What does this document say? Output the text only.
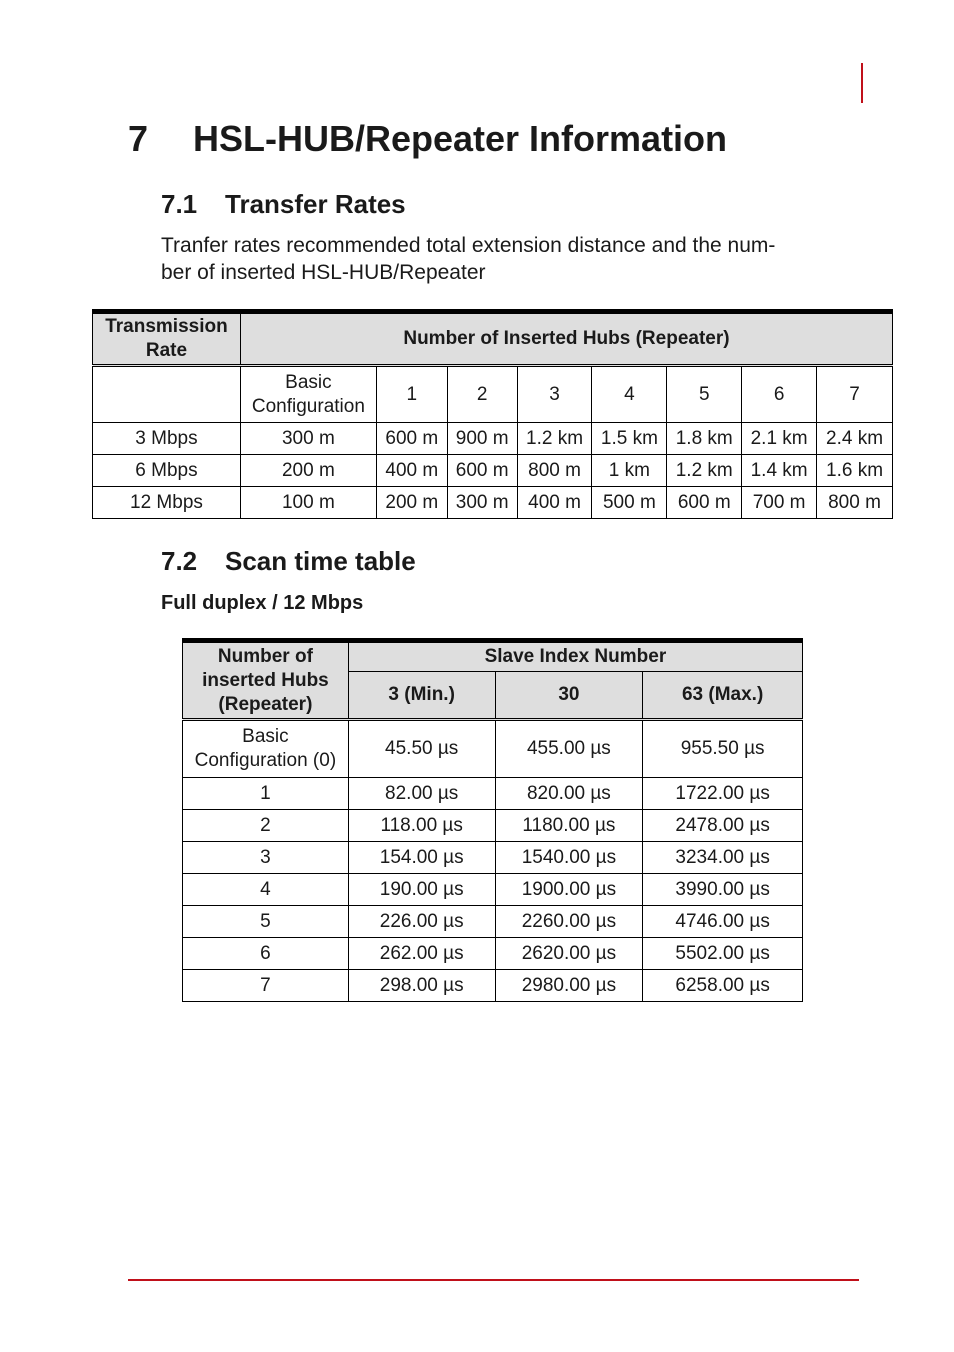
7 HSL-HUB/Repeater Information
7.1 Transfer Rates

Tranfer rates recommended total extension distance and the num-
ber of inserted HSL-HUB/Repeater

Transmission
Rate	Number of Inserted Hubs (Repeater)							
	Basic
Configuration	1	2	3	4	5	6	7
3 Mbps	300 m	600 m	900 m	1.2 km	1.5 km	1.8 km	2.1 km	2.4 km
6 Mbps	200 m	400 m	600 m	800 m	1 km	1.2 km	1.4 km	1.6 km
12 Mbps	100 m	200 m	300 m	400 m	500 m	600 m	700 m	800 m
7.2 Scan time table

Full duplex / 12 Mbps

Number of
inserted Hubs
(Repeater)	Slave Index Number		
	3 (Min.)	30	63 (Max.)
Basic
Configuration (0)	45.50 µs	455.00 µs	955.50 µs
1	82.00 µs	820.00 µs	1722.00 µs
2	118.00 µs	1180.00 µs	2478.00 µs
3	154.00 µs	1540.00 µs	3234.00 µs
4	190.00 µs	1900.00 µs	3990.00 µs
5	226.00 µs	2260.00 µs	4746.00 µs
6	262.00 µs	2620.00 µs	5502.00 µs
7	298.00 µs	2980.00 µs	6258.00 µs
